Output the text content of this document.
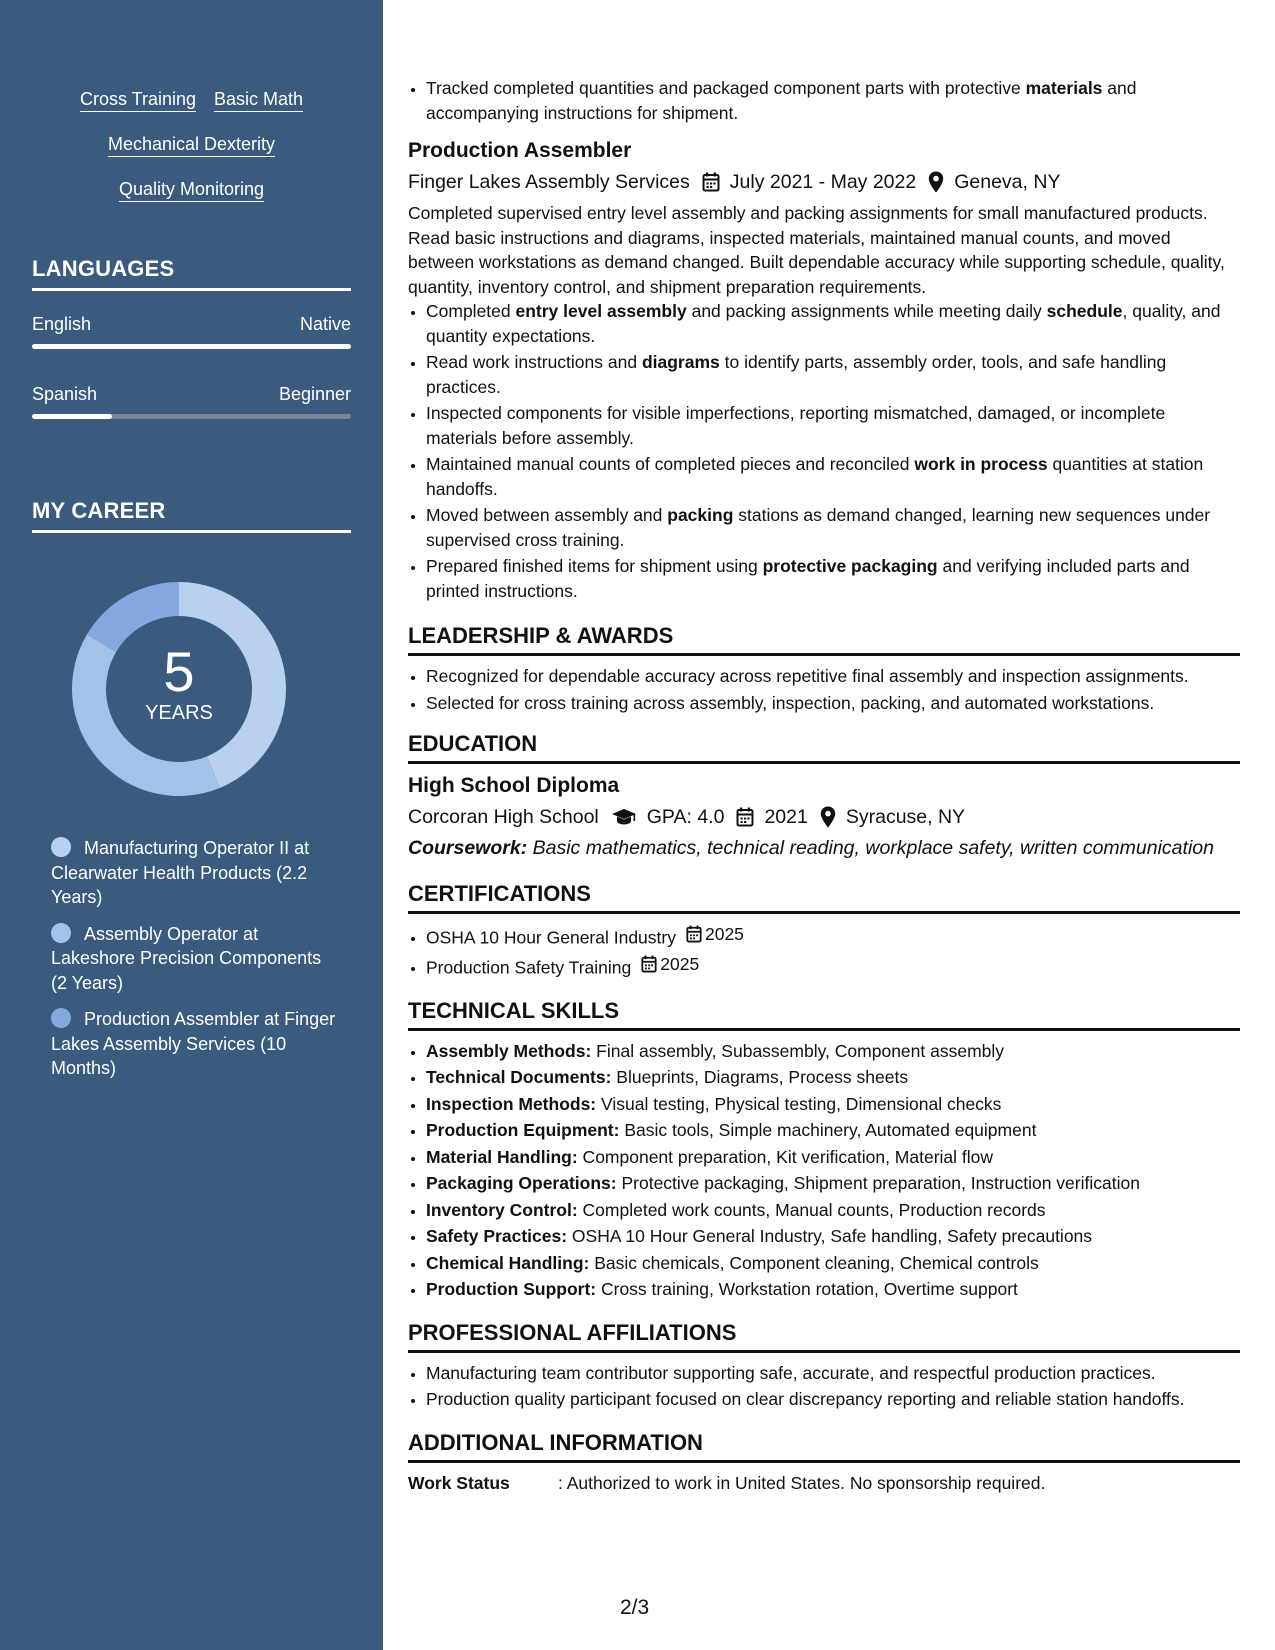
Cross Training Basic Math
Mechanical Dexterity
Quality Monitoring
LANGUAGES
English	Native
Spanish	Beginner
MY CAREER
5
YEARS
Manufacturing Operator II at Clearwater Health Products (2.2 Years)
Assembly Operator at Lakeshore Precision Components (2 Years)
Production Assembler at Finger Lakes Assembly Services (10 Months)
• Tracked completed quantities and packaged component parts with protective materials and accompanying instructions for shipment.
Production Assembler
Finger Lakes Assembly Services July 2021 - May 2022 Geneva, NY

Completed supervised entry level assembly and packing assignments for small manufactured products. Read basic instructions and diagrams, inspected materials, maintained manual counts, and moved between workstations as demand changed. Built dependable accuracy while supporting schedule, quality, quantity, inventory control, and shipment preparation requirements.

• Completed entry level assembly and packing assignments while meeting daily schedule, quality, and quantity expectations.
• Read work instructions and diagrams to identify parts, assembly order, tools, and safe handling practices.
• Inspected components for visible imperfections, reporting mismatched, damaged, or incomplete materials before assembly.
• Maintained manual counts of completed pieces and reconciled work in process quantities at station handoffs.
• Moved between assembly and packing stations as demand changed, learning new sequences under supervised cross training.
• Prepared finished items for shipment using protective packaging and verifying included parts and printed instructions.
LEADERSHIP & AWARDS
• Recognized for dependable accuracy across repetitive final assembly and inspection assignments.
• Selected for cross training across assembly, inspection, packing, and automated workstations.
EDUCATION
High School Diploma
Corcoran High School GPA: 4.0 2021 Syracuse, NY
Coursework: Basic mathematics, technical reading, workplace safety, written communication
CERTIFICATIONS
• OSHA 10 Hour General Industry 2025
• Production Safety Training 2025
TECHNICAL SKILLS
• Assembly Methods: Final assembly, Subassembly, Component assembly
• Technical Documents: Blueprints, Diagrams, Process sheets
• Inspection Methods: Visual testing, Physical testing, Dimensional checks
• Production Equipment: Basic tools, Simple machinery, Automated equipment
• Material Handling: Component preparation, Kit verification, Material flow
• Packaging Operations: Protective packaging, Shipment preparation, Instruction verification
• Inventory Control: Completed work counts, Manual counts, Production records
• Safety Practices: OSHA 10 Hour General Industry, Safe handling, Safety precautions
• Chemical Handling: Basic chemicals, Component cleaning, Chemical controls
• Production Support: Cross training, Workstation rotation, Overtime support
PROFESSIONAL AFFILIATIONS
• Manufacturing team contributor supporting safe, accurate, and respectful production practices.
• Production quality participant focused on clear discrepancy reporting and reliable station handoffs.
ADDITIONAL INFORMATION
Work Status	: Authorized to work in United States. No sponsorship required.
2/3
